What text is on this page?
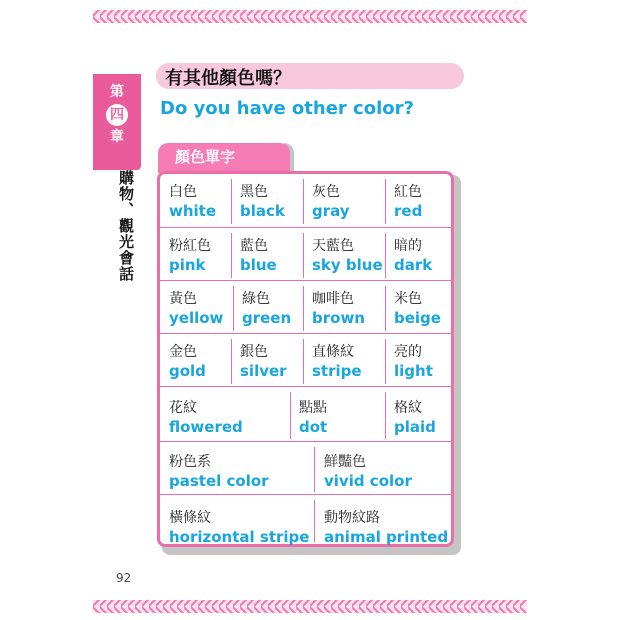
第
四
章
購物、觀光會話
有其他顏色嗎？
Do you have other color?
顏色單字
白色
white
黑色
black
灰色
gray
紅色
red
粉紅色
pink
藍色
blue
天藍色
sky blue
暗的
dark
黃色
yellow
綠色
green
咖啡色
brown
米色
beige
金色
gold
銀色
silver
直條紋
stripe
亮的
light
花紋
flowered
點點
dot
格紋
plaid
粉色系
pastel color
鮮豔色
vivid color
橫條紋
horizontal stripe
動物紋路
animal printed
92
